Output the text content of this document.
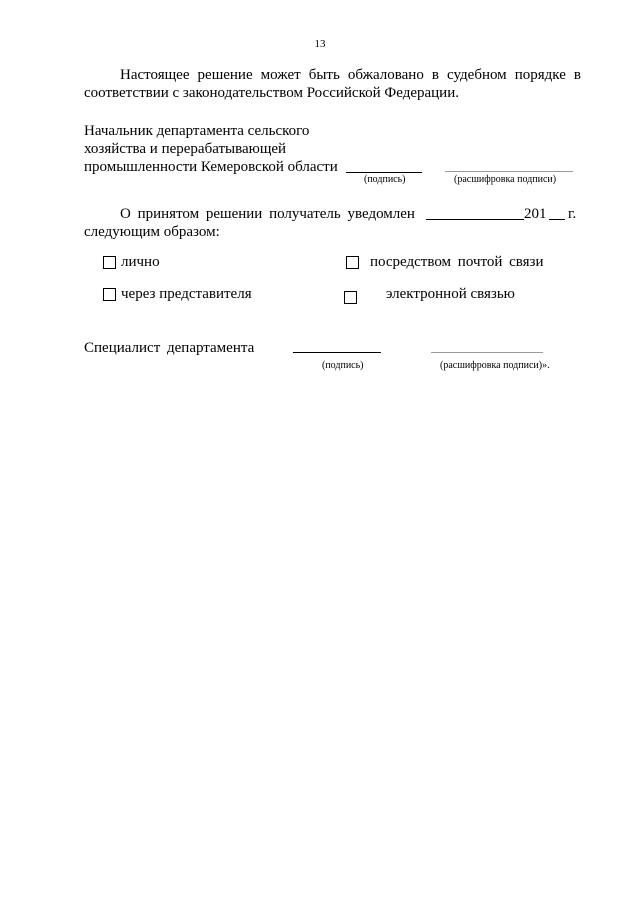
13
Настоящее решение может быть обжаловано в судебном порядке в
соответствии с законодательством Российской Федерации.
Начальник департамента сельского
хозяйства и перерабатывающей
промышленности Кемеровской области
(подпись)	(расшифровка подписи)
О принятом решении получатель уведомлен	201 г.
следующим образом:
лично	посредством почтой связи
через представителя	электронной связью
Специалист департамента
(подпись)	(расшифровка подписи)».
